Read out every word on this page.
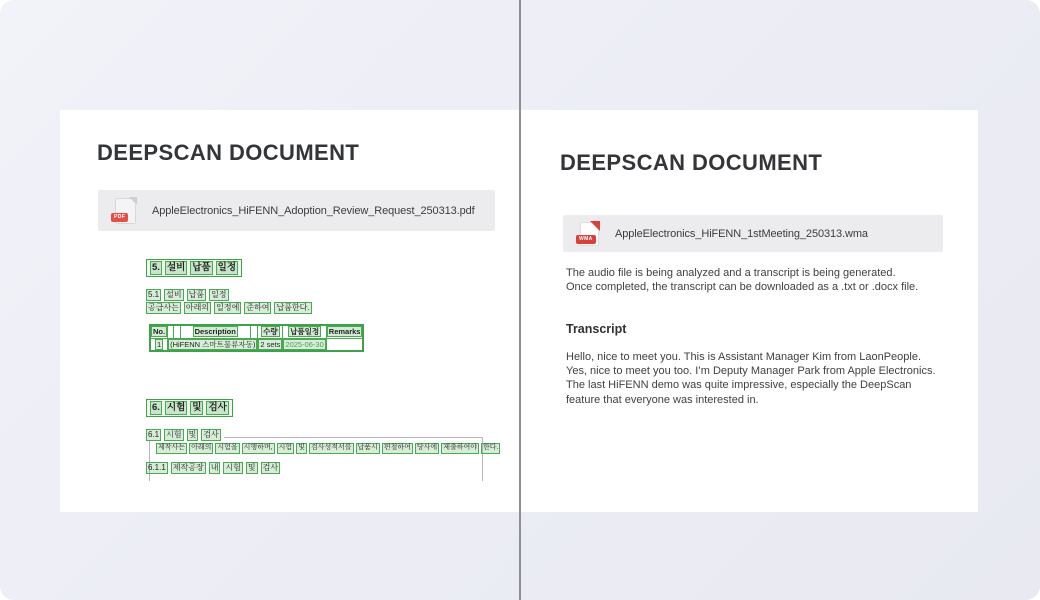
DEEPSCAN DOCUMENT
PDF AppleElectronics_HiFENN_Adoption_Review_Request_250313.pdf
5. 설비 납품 일정
5.1 설비 납품 일정
공급사는 아래의 일정에 준하여 납품한다.
No.			Description		수량	납품일정	Remarks
1	(HiFENN 스마트물류자동)				2 sets	2025-06-30	
6. 시험 및 검사
6.1 시험 및 검사
제작사는 아래의 시험을 시행하며, 시험 및 검사성적서를 납품시 편철하여 당사에 제출하여야 한다.
6.1.1 제작공장 내 시험 및 검사
DEEPSCAN DOCUMENT
WMA AppleElectronics_HiFENN_1stMeeting_250313.wma
The audio file is being analyzed and a transcript is being generated.
Once completed, the transcript can be downloaded as a .txt or .docx file.
Transcript
Hello, nice to meet you. This is Assistant Manager Kim from LaonPeople.
Yes, nice to meet you too. I’m Deputy Manager Park from Apple Electronics.
The last HiFENN demo was quite impressive, especially the DeepScan
feature that everyone was interested in.
